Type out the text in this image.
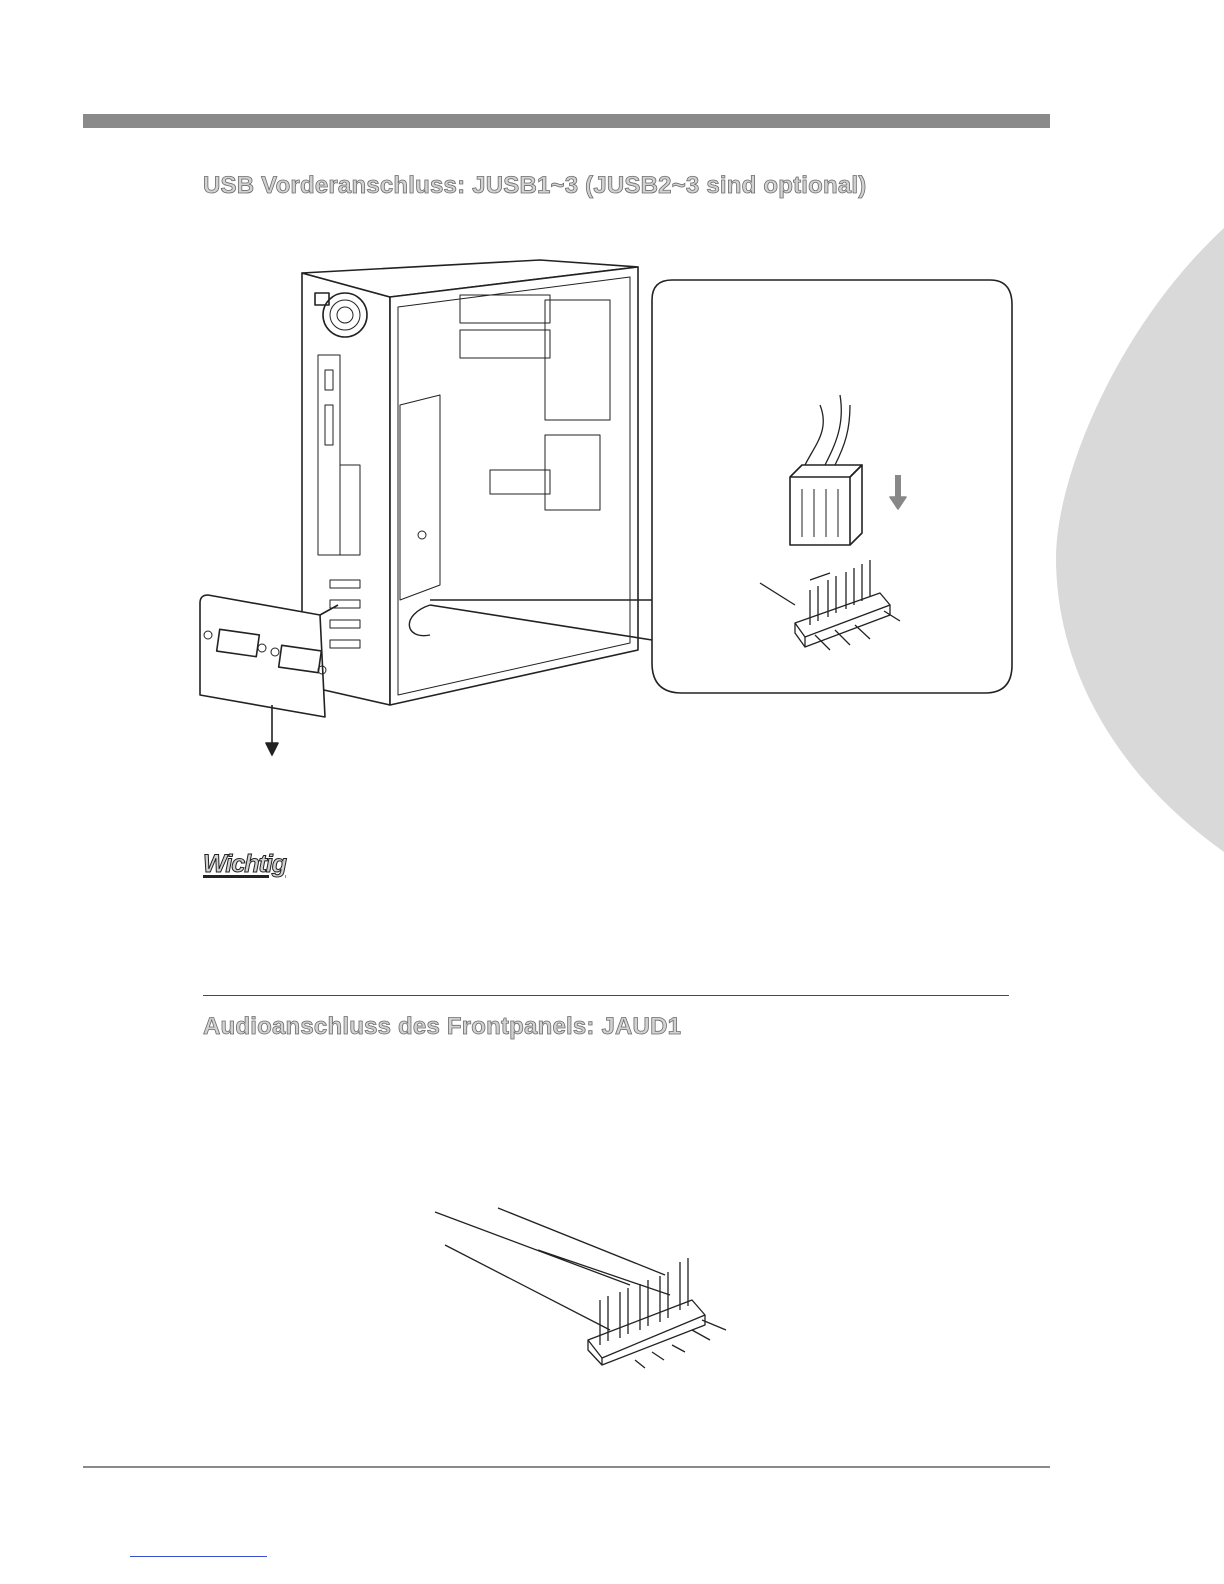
USB Vorderanschluss: JUSB1~3 (JUSB2~3 sind optional)
Wichtig
Audioanschluss des Frontpanels: JAUD1
